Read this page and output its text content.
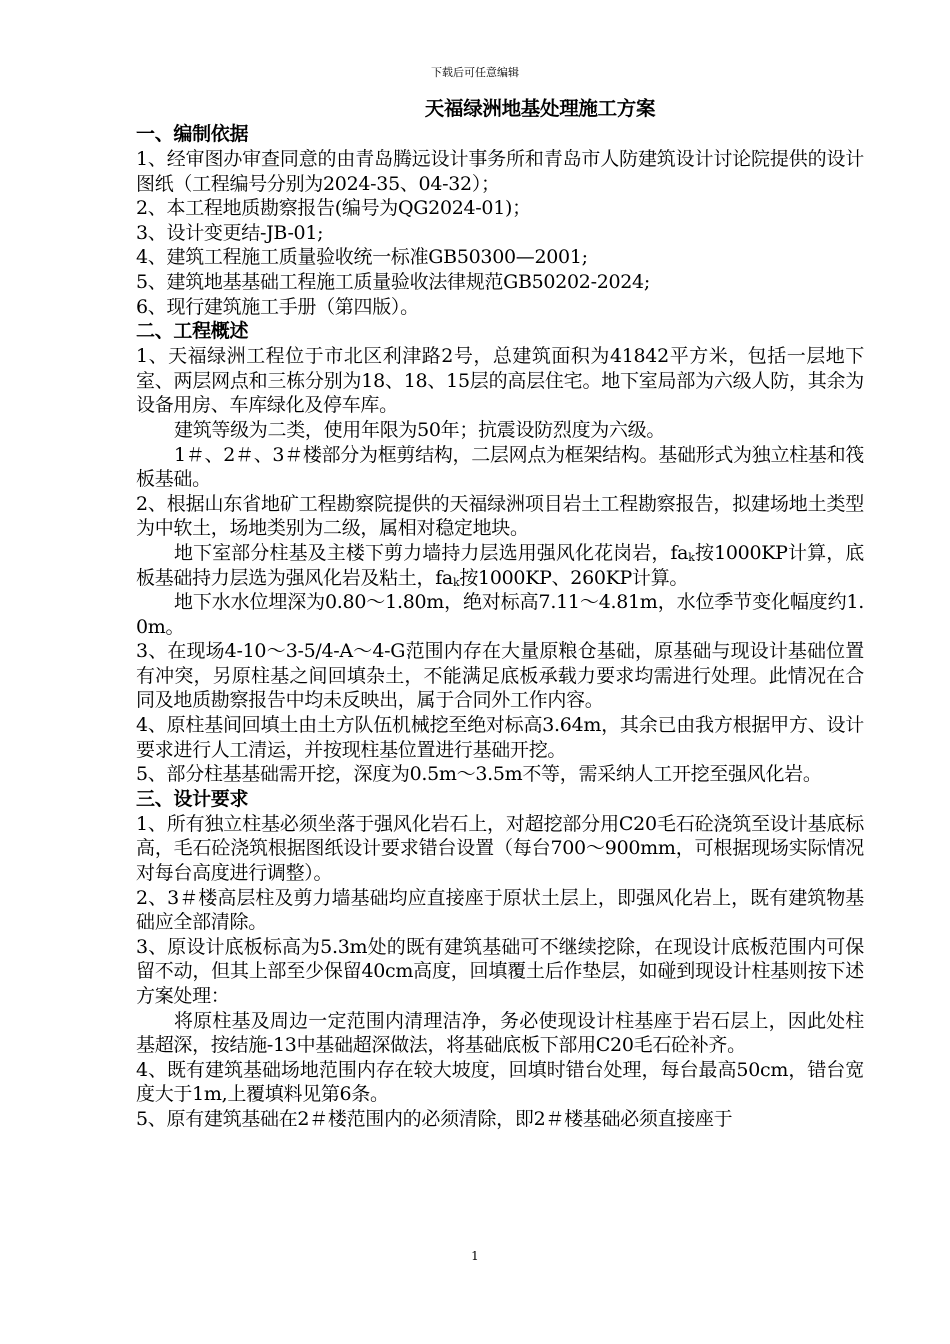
下载后可任意编辑
天福绿洲地基处理施工方案
一、编制依据

1、经审图办审查同意的由青岛腾远设计事务所和青岛市人防建筑设计讨论院提供的设计图纸（工程编号分别为2024-35、04-32）；

2、本工程地质勘察报告(编号为QG2024-01)；

3、设计变更结-JB-01;

4、建筑工程施工质量验收统一标准GB50300—2001;

5、建筑地基基础工程施工质量验收法律规范GB50202-2024;

6、现行建筑施工手册（第四版）。

二、工程概述

1、天福绿洲工程位于市北区利津路2号，总建筑面积为41842平方米，包括一层地下室、两层网点和三栋分别为18、18、15层的高层住宅。地下室局部为六级人防，其余为设备用房、车库绿化及停车库。

建筑等级为二类，使用年限为50年；抗震设防烈度为六级。

1＃、2＃、3＃楼部分为框剪结构，二层网点为框架结构。基础形式为独立柱基和筏板基础。

2、根据山东省地矿工程勘察院提供的天福绿洲项目岩土工程勘察报告，拟建场地土类型为中软土，场地类别为二级，属相对稳定地块。

地下室部分柱基及主楼下剪力墙持力层选用强风化花岗岩，$fa_k$按1000KP计算，底板基础持力层选为强风化岩及粘土，$fa_k$按1000KP、260KP计算。

地下水水位埋深为0.80～1.80m，绝对标高7.11～4.81m，水位季节变化幅度约1.0m。

3、在现场4-10～3-5/4-A～4-G范围内存在大量原粮仓基础，原基础与现设计基础位置有冲突，另原柱基之间回填杂土，不能满足底板承载力要求均需进行处理。此情况在合同及地质勘察报告中均未反映出，属于合同外工作内容。

4、原柱基间回填土由土方队伍机械挖至绝对标高3.64m，其余已由我方根据甲方、设计要求进行人工清运，并按现柱基位置进行基础开挖。

5、部分柱基基础需开挖，深度为0.5m～3.5m不等，需采纳人工开挖至强风化岩。

三、设计要求

1、所有独立柱基必须坐落于强风化岩石上，对超挖部分用C20毛石砼浇筑至设计基底标高，毛石砼浇筑根据图纸设计要求错台设置（每台700～900mm，可根据现场实际情况对每台高度进行调整）。

2、3＃楼高层柱及剪力墙基础均应直接座于原状土层上，即强风化岩上，既有建筑物基础应全部清除。

3、原设计底板标高为5.3m处的既有建筑基础可不继续挖除，在现设计底板范围内可保留不动，但其上部至少保留40cm高度，回填覆土后作垫层，如碰到现设计柱基则按下述方案处理：

将原柱基及周边一定范围内清理洁净，务必使现设计柱基座于岩石层上，因此处柱基超深，按结施-13中基础超深做法，将基础底板下部用C20毛石砼补齐。

4、既有建筑基础场地范围内存在较大坡度，回填时错台处理，每台最高50cm，错台宽度大于1m,上覆填料见第6条。

5、原有建筑基础在2＃楼范围内的必须清除，即2＃楼基础必须直接座于

1
